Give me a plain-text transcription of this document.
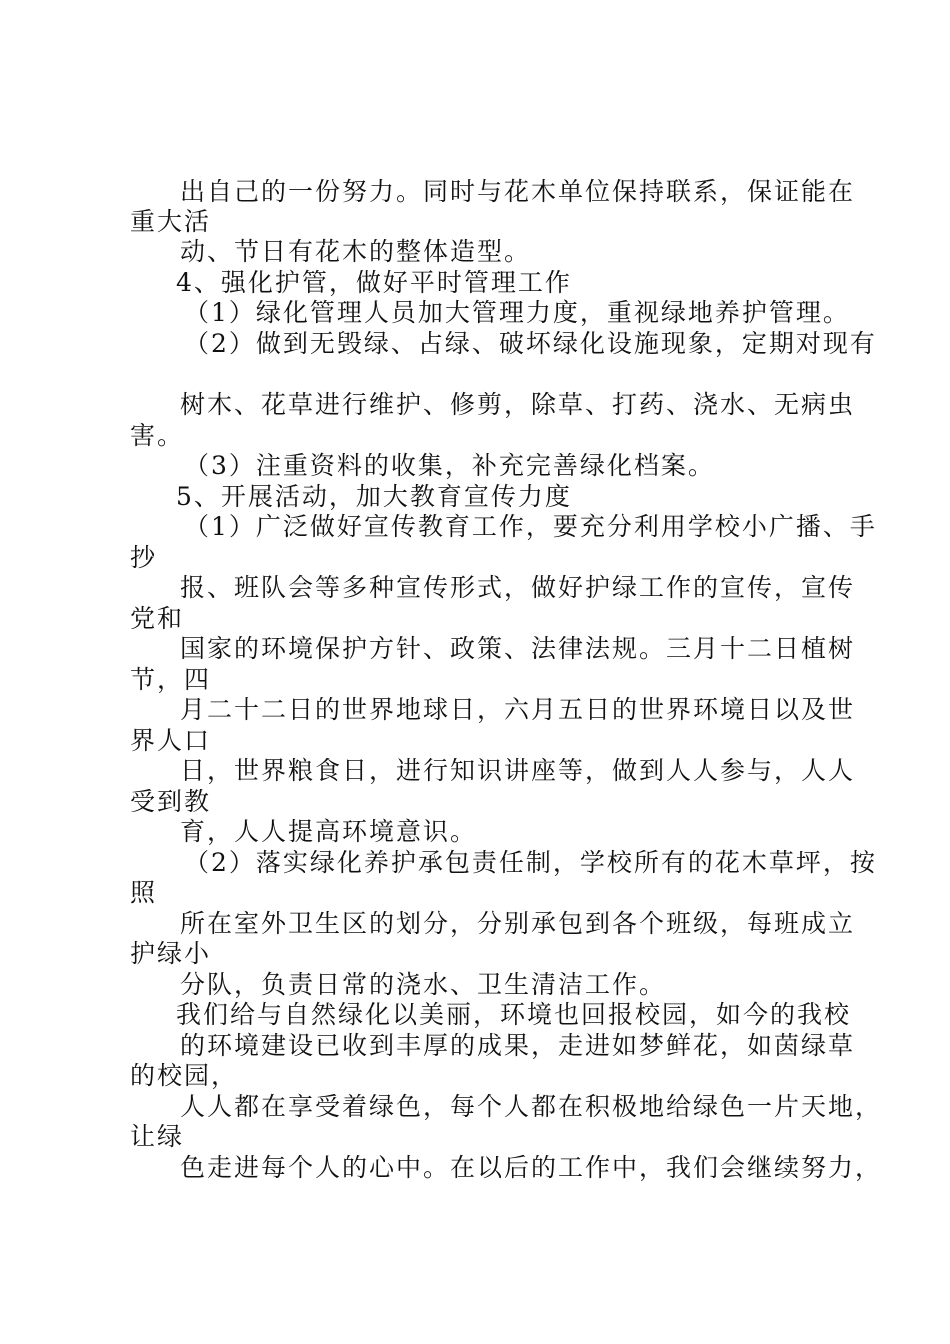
出自己的一份努力。同时与花木单位保持联系，保证能在
重大活
动、节日有花木的整体造型。
4、强化护管，做好平时管理工作
（1）绿化管理人员加大管理力度，重视绿地养护管理。
（2）做到无毁绿、占绿、破坏绿化设施现象，定期对现有
树木、花草进行维护、修剪，除草、打药、浇水、无病虫
害。
（3）注重资料的收集，补充完善绿化档案。
5、开展活动，加大教育宣传力度
（1）广泛做好宣传教育工作，要充分利用学校小广播、手
抄
报、班队会等多种宣传形式，做好护绿工作的宣传，宣传
党和
国家的环境保护方针、政策、法律法规。三月十二日植树
节，四
月二十二日的世界地球日，六月五日的世界环境日以及世
界人口
日，世界粮食日，进行知识讲座等，做到人人参与，人人
受到教
育，人人提高环境意识。
（2）落实绿化养护承包责任制，学校所有的花木草坪，按
照
所在室外卫生区的划分，分别承包到各个班级，每班成立
护绿小
分队，负责日常的浇水、卫生清洁工作。
我们给与自然绿化以美丽，环境也回报校园，如今的我校
的环境建设已收到丰厚的成果，走进如梦鲜花，如茵绿草
的校园，
人人都在享受着绿色，每个人都在积极地给绿色一片天地，
让绿
色走进每个人的心中。在以后的工作中，我们会继续努力，
